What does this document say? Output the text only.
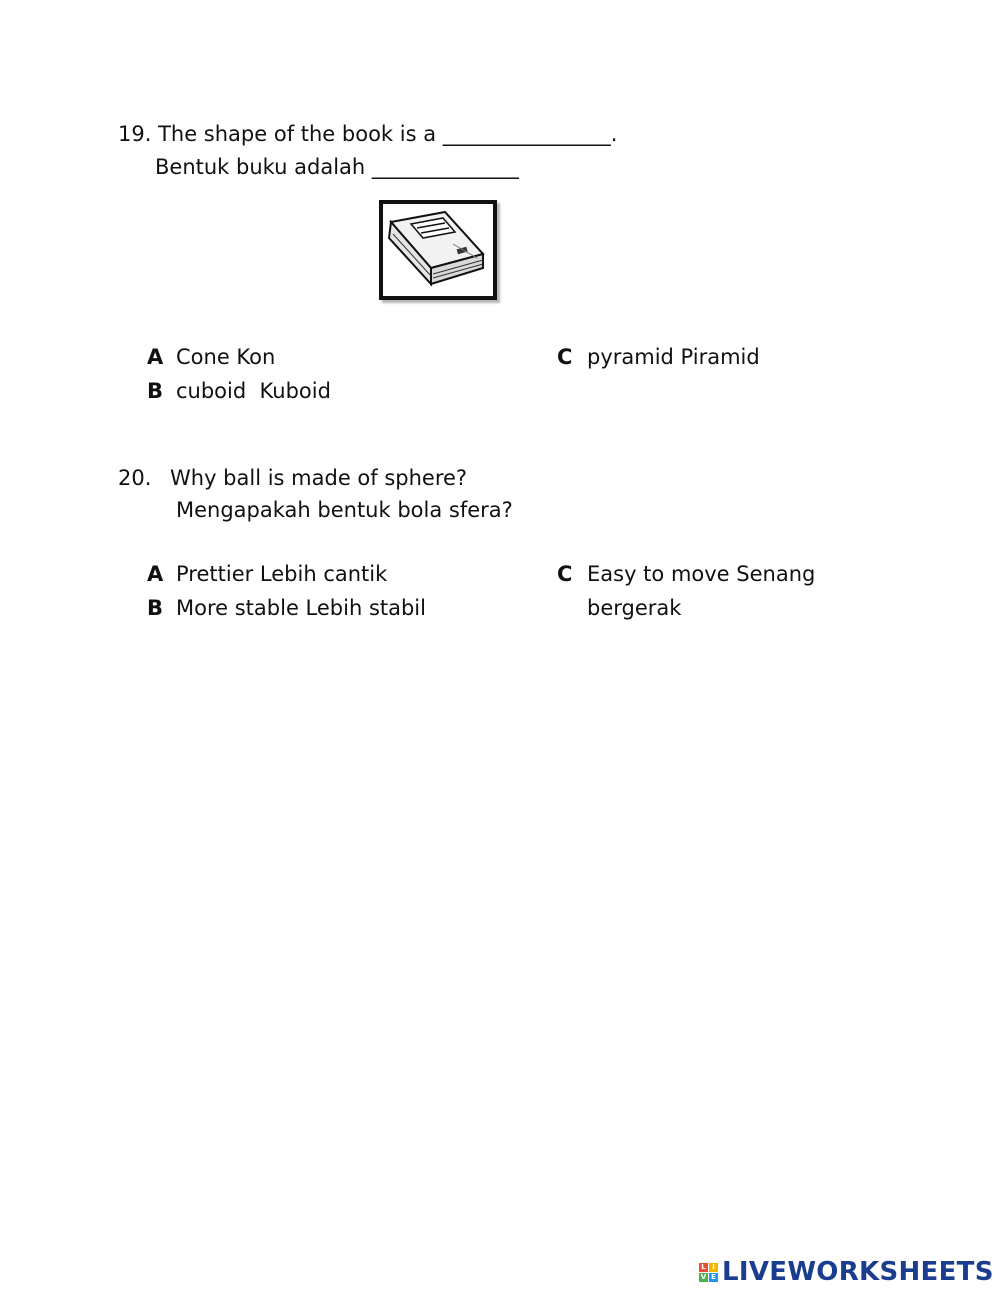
19. The shape of the book is a ________________.
Bentuk buku adalah ______________
A Cone Kon
B cuboid  Kuboid
C pyramid Piramid
20. Why ball is made of sphere?
Mengapakah bentuk bola sfera?
A Prettier Lebih cantik
B More stable Lebih stabil
C Easy to move Senang
bergerak
L I
V E LIVEWORKSHEETS
